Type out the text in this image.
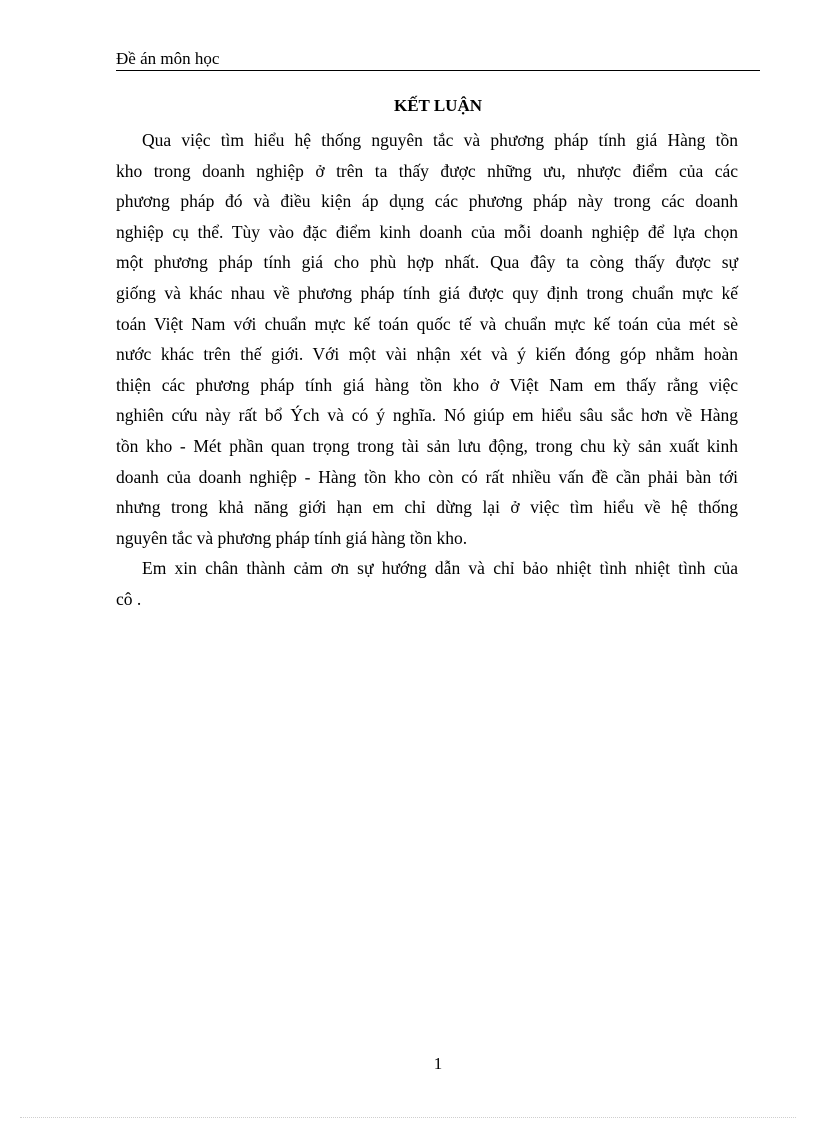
Đề án môn học
KẾT LUẬN
Qua việc tìm hiểu hệ thống nguyên tắc và phương pháp tính giá Hàng tồn
kho trong doanh nghiệp ở trên ta thấy được những ưu, nhược điểm của các
phương pháp đó và điều kiện áp dụng các phương pháp này trong các doanh
nghiệp cụ thể. Tùy vào đặc điểm kinh doanh của mỗi doanh nghiệp để lựa chọn
một phương pháp tính giá cho phù hợp nhất. Qua đây ta còng thấy được sự
giống và khác nhau về phương pháp tính giá được quy định trong chuẩn mực kế
toán Việt Nam với chuẩn mực kế toán quốc tế và chuẩn mực kế toán của mét sè
nước khác trên thế giới. Với một vài nhận xét và ý kiến đóng góp nhằm hoàn
thiện các phương pháp tính giá hàng tồn kho ở Việt Nam em thấy rằng việc
nghiên cứu này rất bổ Ých và có ý nghĩa. Nó giúp em hiểu sâu sắc hơn về Hàng
tồn kho - Mét phần quan trọng trong tài sản lưu động, trong chu kỳ sản xuất kinh
doanh của doanh nghiệp - Hàng tồn kho còn có rất nhiều vấn đề cần phải bàn tới
nhưng trong khả năng giới hạn em chỉ dừng lại ở việc tìm hiểu về hệ thống
nguyên tắc và phương pháp tính giá hàng tồn kho.
Em xin chân thành cảm ơn sự hướng dẫn và chỉ bảo nhiệt tình nhiệt tình của
cô .
1
